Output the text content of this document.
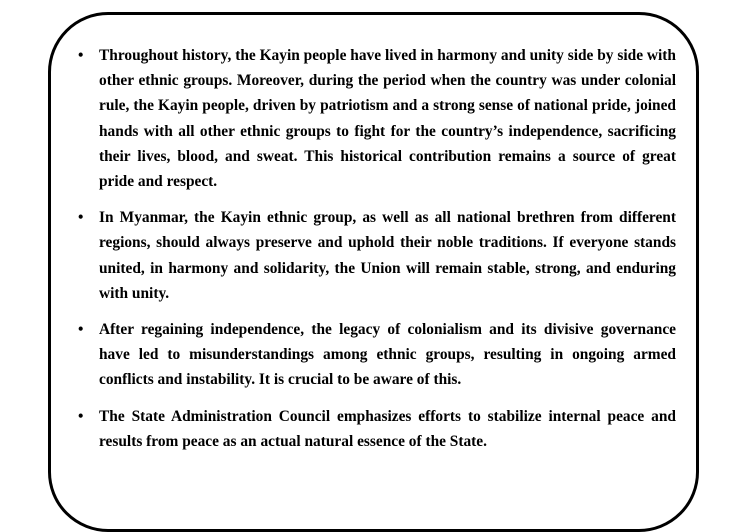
• Throughout history, the Kayin people have lived in harmony and unity side by side with other ethnic groups. Moreover, during the period when the country was under colonial rule, the Kayin people, driven by patriotism and a strong sense of national pride, joined hands with all other ethnic groups to fight for the country’s independence, sacrificing their lives, blood, and sweat. This historical contribution remains a source of great pride and respect.
• In Myanmar, the Kayin ethnic group, as well as all national brethren from different regions, should always preserve and uphold their noble traditions. If everyone stands united, in harmony and solidarity, the Union will remain stable, strong, and enduring with unity.
• After regaining independence, the legacy of colonialism and its divisive governance have led to misunderstandings among ethnic groups, resulting in ongoing armed conflicts and instability. It is crucial to be aware of this.
• The State Administration Council emphasizes efforts to stabilize internal peace and results from peace as an actual natural essence of the State.
